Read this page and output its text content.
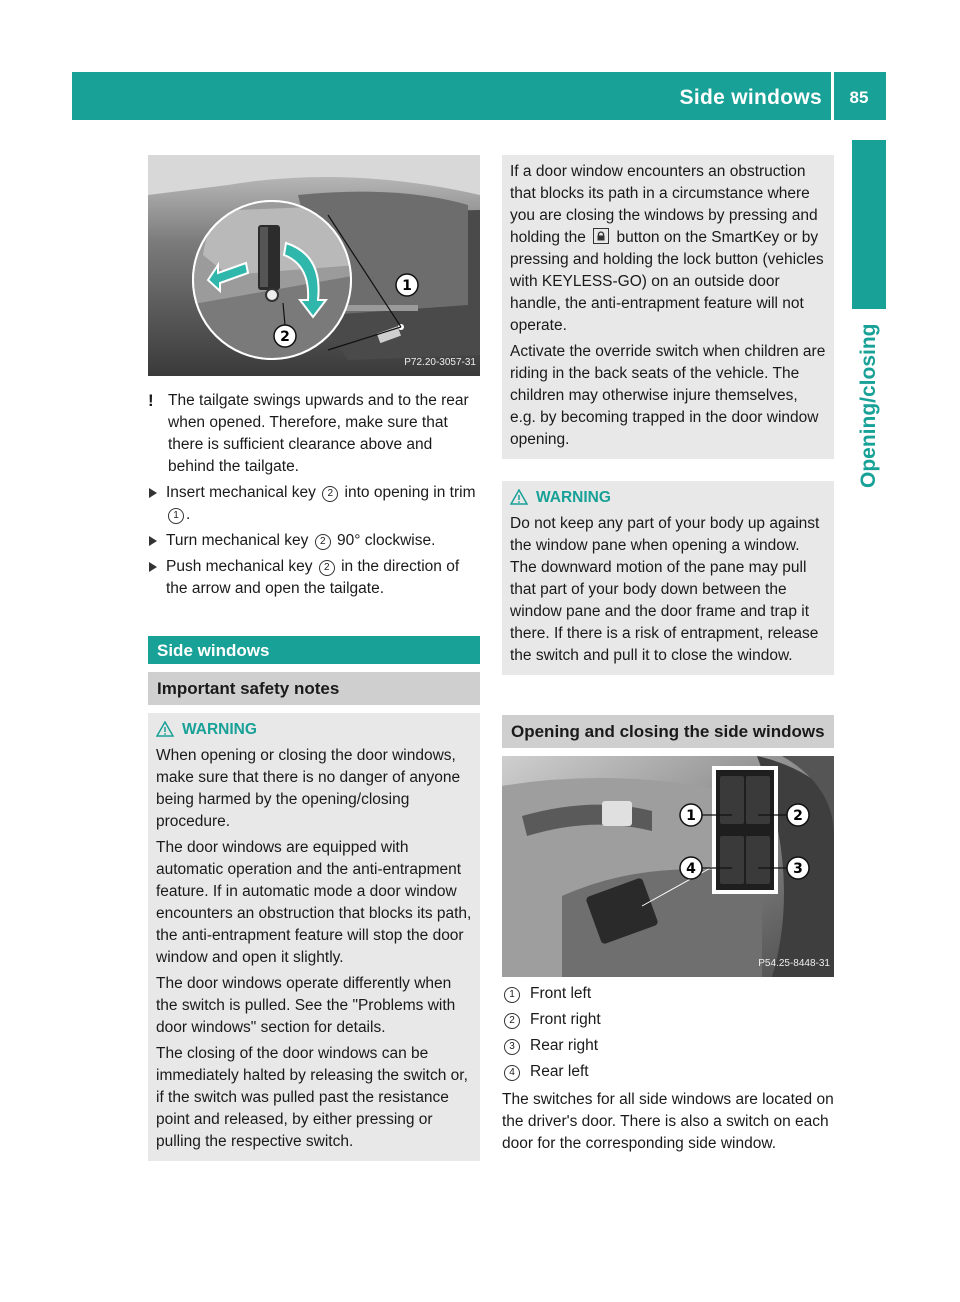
Side windows	85
Opening/closing
1
2
P72.20-3057-31
! The tailgate swings upwards and to the rear when opened. Therefore, make sure that there is sufficient clearance above and behind the tailgate.
Insert mechanical key 2 into opening in trim 1 .
Turn mechanical key 2 90° clockwise.
Push mechanical key 2 in the direction of the arrow and open the tailgate.
Side windows
Important safety notes
WARNING
When opening or closing the door windows, make sure that there is no danger of anyone being harmed by the opening/closing procedure.
The door windows are equipped with automatic operation and the anti-entrapment feature. If in automatic mode a door window encounters an obstruction that blocks its path, the anti-entrapment feature will stop the door window and open it slightly.
The door windows operate differently when the switch is pulled. See the "Problems with door windows" section for details.
The closing of the door windows can be immediately halted by releasing the switch or, if the switch was pulled past the resistance point and released, by either pressing or pulling the respective switch.
If a door window encounters an obstruction that blocks its path in a circumstance where you are closing the windows by pressing and holding the
button on the SmartKey or by pressing and holding the lock button (vehicles with KEYLESS-GO) on an outside door handle, the anti-entrapment feature will not operate.
Activate the override switch when children are riding in the back seats of the vehicle. The children may otherwise injure themselves, e.g. by becoming trapped in the door window opening.
WARNING
Do not keep any part of your body up against the window pane when opening a window. The downward motion of the pane may pull that part of your body down between the window pane and the door frame and trap it there. If there is a risk of entrapment, release the switch and pull it to close the window.
Opening and closing the side windows
1	2
3
4
P54.25-8448-31
1 Front left
2 Front right
3 Rear right
4 Rear left
The switches for all side windows are located on the driver's door. There is also a switch on each door for the corresponding side window.
